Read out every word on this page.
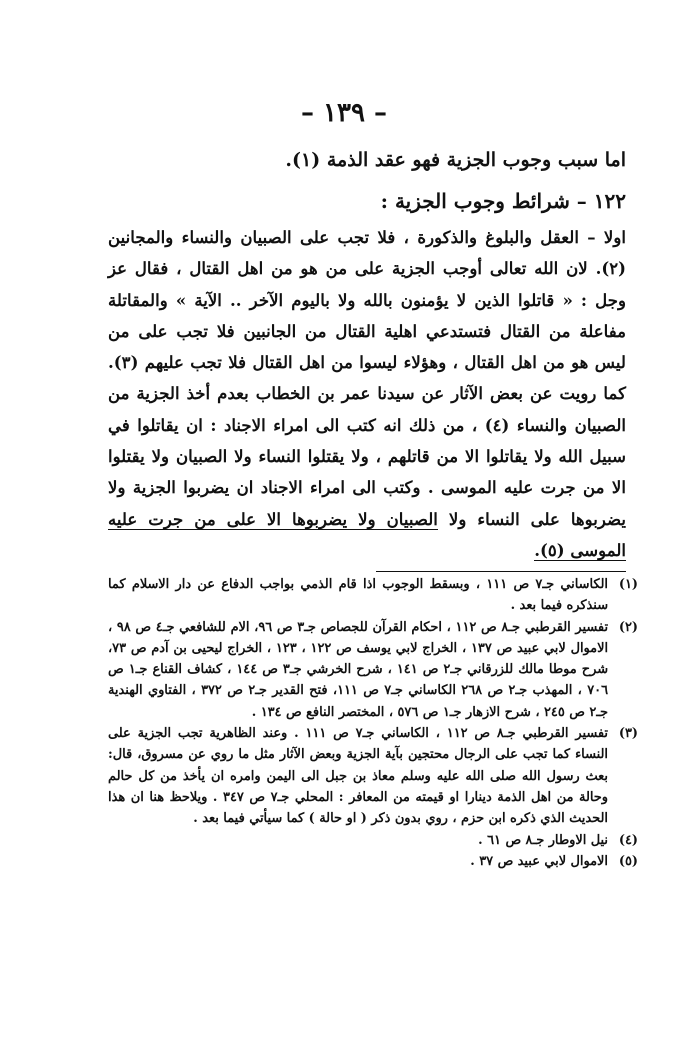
– ١٣٩ –

اما سبب وجوب الجزية فهو عقد الذمة (١).

١٢٢ – شرائط وجوب الجزية :

اولا – العقل والبلوغ والذكورة ، فلا تجب على الصبيان والنساء والمجانين (٢). لان الله تعالى أوجب الجزية على من هو من اهل القتال ، فقال عز وجل : « قاتلوا الذين لا يؤمنون بالله ولا باليوم الآخر .. الآية » والمقاتلة مفاعلة من القتال فتستدعي اهلية القتال من الجانبين فلا تجب على من ليس هو من اهل القتال ، وهؤلاء ليسوا من اهل القتال فلا تجب عليهم (٣). كما رويت عن بعض الآثار عن سيدنا عمر بن الخطاب بعدم أخذ الجزية من الصبيان والنساء (٤) ، من ذلك انه كتب الى امراء الاجناد : ان يقاتلوا في سبيل الله ولا يقاتلوا الا من قاتلهم ، ولا يقتلوا النساء ولا الصبيان ولا يقتلوا الا من جرت عليه الموسى . وكتب الى امراء الاجناد ان يضربوا الجزية ولا يضربوها على النساء ولا الصبيان ولا يضربوها الا على من جرت عليه الموسى (٥).

(١)
الكاساني جـ٧ ص ١١١ ، وبسقط الوجوب اذا قام الذمي بواجب الدفاع عن دار الاسلام كما سنذكره فيما بعد .
(٢)
تفسير القرطبي جـ٨ ص ١١٢ ، احكام القرآن للجصاص جـ٣ ص ٩٦، الام للشافعي جـ٤ ص ٩٨ ، الاموال لابي عبيد ص ١٣٧ ، الخراج لابي يوسف ص ١٢٢ ، ١٢٣ ، الخراج ليحيى بن آدم ص ٧٣، شرح موطا مالك للزرقاني جـ٢ ص ١٤١ ، شرح الخرشي جـ٣ ص ١٤٤ ، كشاف القناع جـ١ ص ٧٠٦ ، المهذب جـ٢ ص ٢٦٨ الكاساني جـ٧ ص ١١١، فتح القدير جـ٢ ص ٣٧٢ ، الفتاوي الهندية جـ٢ ص ٢٤٥ ، شرح الازهار جـ١ ص ٥٧٦ ، المختصر النافع ص ١٣٤ .
(٣)
تفسير القرطبي جـ٨ ص ١١٢ ، الكاساني جـ٧ ص ١١١ . وعند الظاهرية تجب الجزية على النساء كما تجب على الرجال محتجين بآية الجزية وبعض الآثار مثل ما روي عن مسروق، قال: بعث رسول الله صلى الله عليه وسلم معاذ بن جبل الى اليمن وامره ان يأخذ من كل حالم وحالة من اهل الذمة دينارا او قيمته من المعافر : المحلي جـ٧ ص ٣٤٧ . ويلاحظ هنا ان هذا الحديث الذي ذكره ابن حزم ، روي بدون ذكر ( او حالة ) كما سيأتي فيما بعد .
(٤)
نيل الاوطار جـ٨ ص ٦١ .
(٥)
الاموال لابي عبيد ص ٣٧ .
